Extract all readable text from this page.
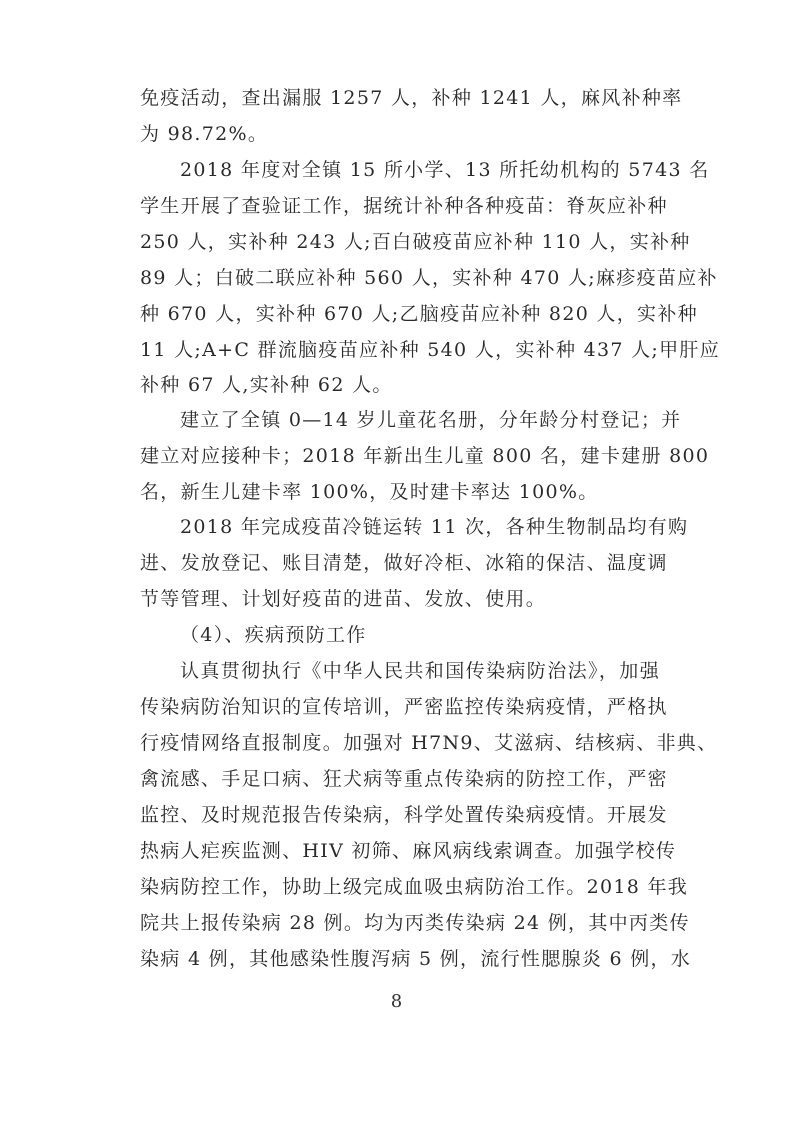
免疫活动，查出漏服 1257 人，补种 1241 人，麻风补种率
为 98.72%。
2018 年度对全镇 15 所小学、13 所托幼机构的 5743 名
学生开展了查验证工作，据统计补种各种疫苗：脊灰应补种
250 人，实补种 243 人;百白破疫苗应补种 110 人，实补种
89 人；白破二联应补种 560 人，实补种 470 人;麻疹疫苗应补
种 670 人，实补种 670 人;乙脑疫苗应补种 820 人，实补种
11 人;A+C 群流脑疫苗应补种 540 人，实补种 437 人;甲肝应
补种 67 人,实补种 62 人。
建立了全镇 0—14 岁儿童花名册，分年龄分村登记；并
建立对应接种卡；2018 年新出生儿童 800 名，建卡建册 800
名，新生儿建卡率 100%，及时建卡率达 100%。
2018 年完成疫苗冷链运转 11 次，各种生物制品均有购
进、发放登记、账目清楚，做好冷柜、冰箱的保洁、温度调
节等管理、计划好疫苗的进苗、发放、使用。
（4）、疾病预防工作
认真贯彻执行《中华人民共和国传染病防治法》，加强
传染病防治知识的宣传培训，严密监控传染病疫情，严格执
行疫情网络直报制度。加强对 H7N9、艾滋病、结核病、非典、
禽流感、手足口病、狂犬病等重点传染病的防控工作，严密
监控、及时规范报告传染病，科学处置传染病疫情。开展发
热病人疟疾监测、HIV 初筛、麻风病线索调查。加强学校传
染病防控工作，协助上级完成血吸虫病防治工作。2018 年我
院共上报传染病 28 例。均为丙类传染病 24 例，其中丙类传
染病 4 例，其他感染性腹泻病 5 例，流行性腮腺炎 6 例，水
8
